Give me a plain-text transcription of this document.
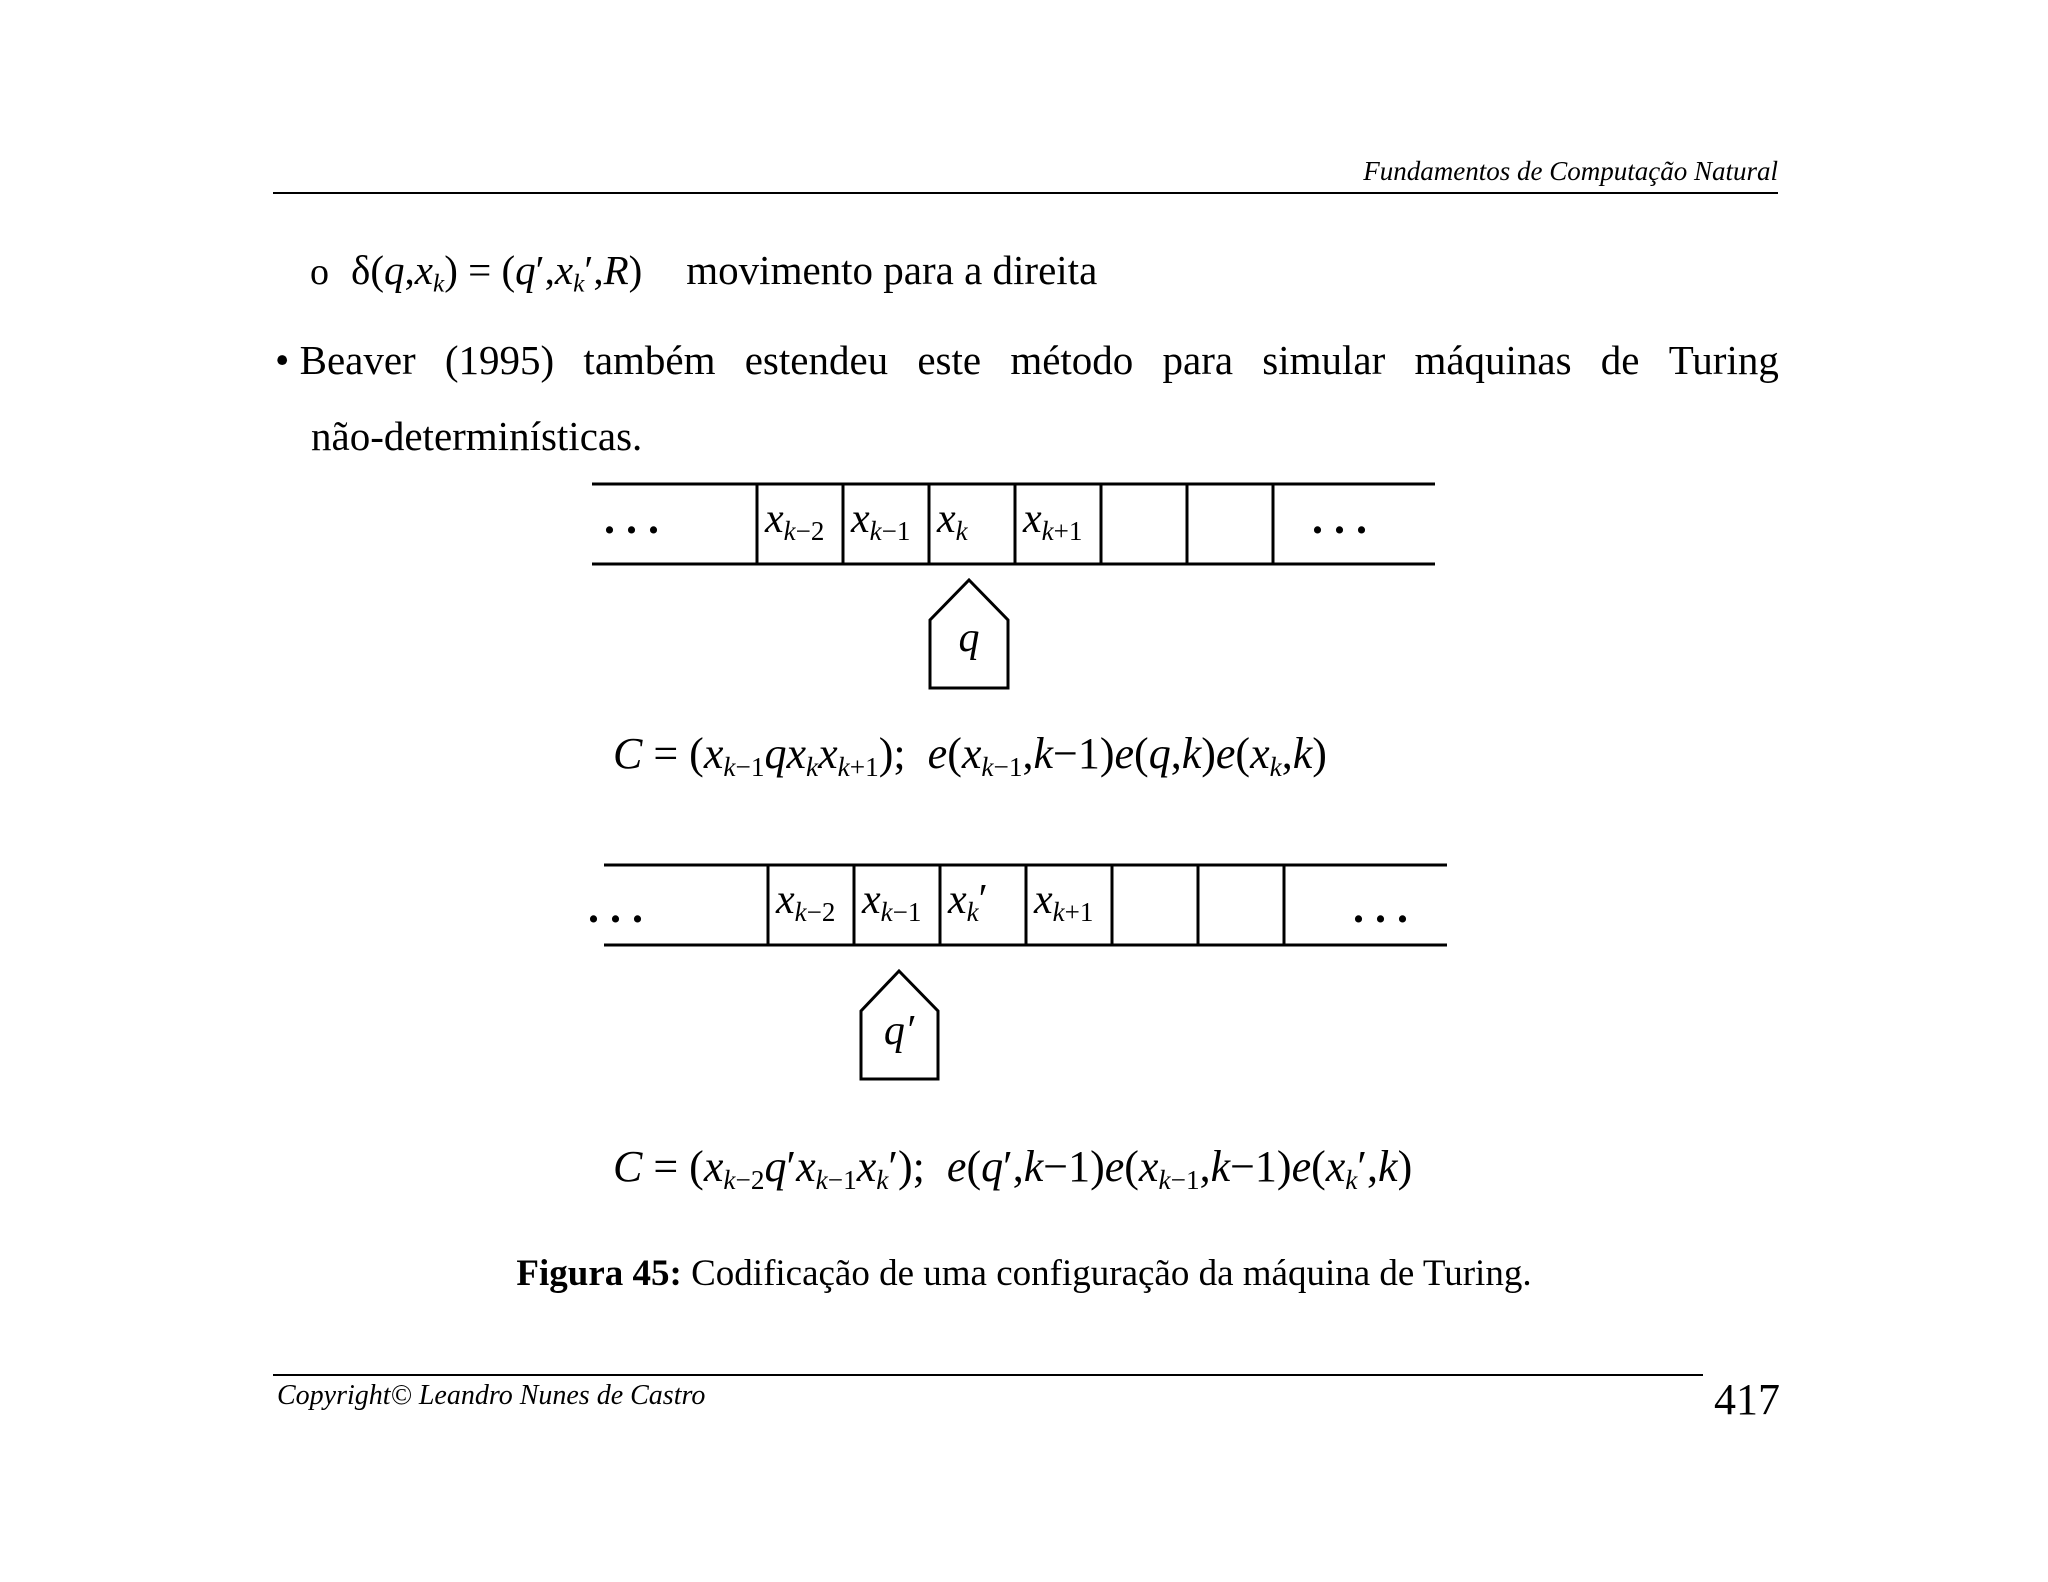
Fundamentos de Computação Natural
o $\delta(q,x_k) = (q',x_k',R)$ movimento para a direita
• Beaver (1995) também estendeu este método para simular máquinas de Turing
não-determinísticas.
. . .	. . .
xk−2 xk−1 xk xk+1
q
. . .	. . .
xk−2 xk−1 xk′ xk+1
q′
$C = (x_{k-1}qx_kx_{k+1})$;  $e(x_{k-1},k-1)e(q,k)e(x_k,k)$
$C = (x_{k-2}q'x_{k-1}x_k')$;  $e(q',k-1)e(x_{k-1},k-1)e(x_k',k)$
Figura 45: Codificação de uma configuração da máquina de Turing.
Copyright© Leandro Nunes de Castro	417
